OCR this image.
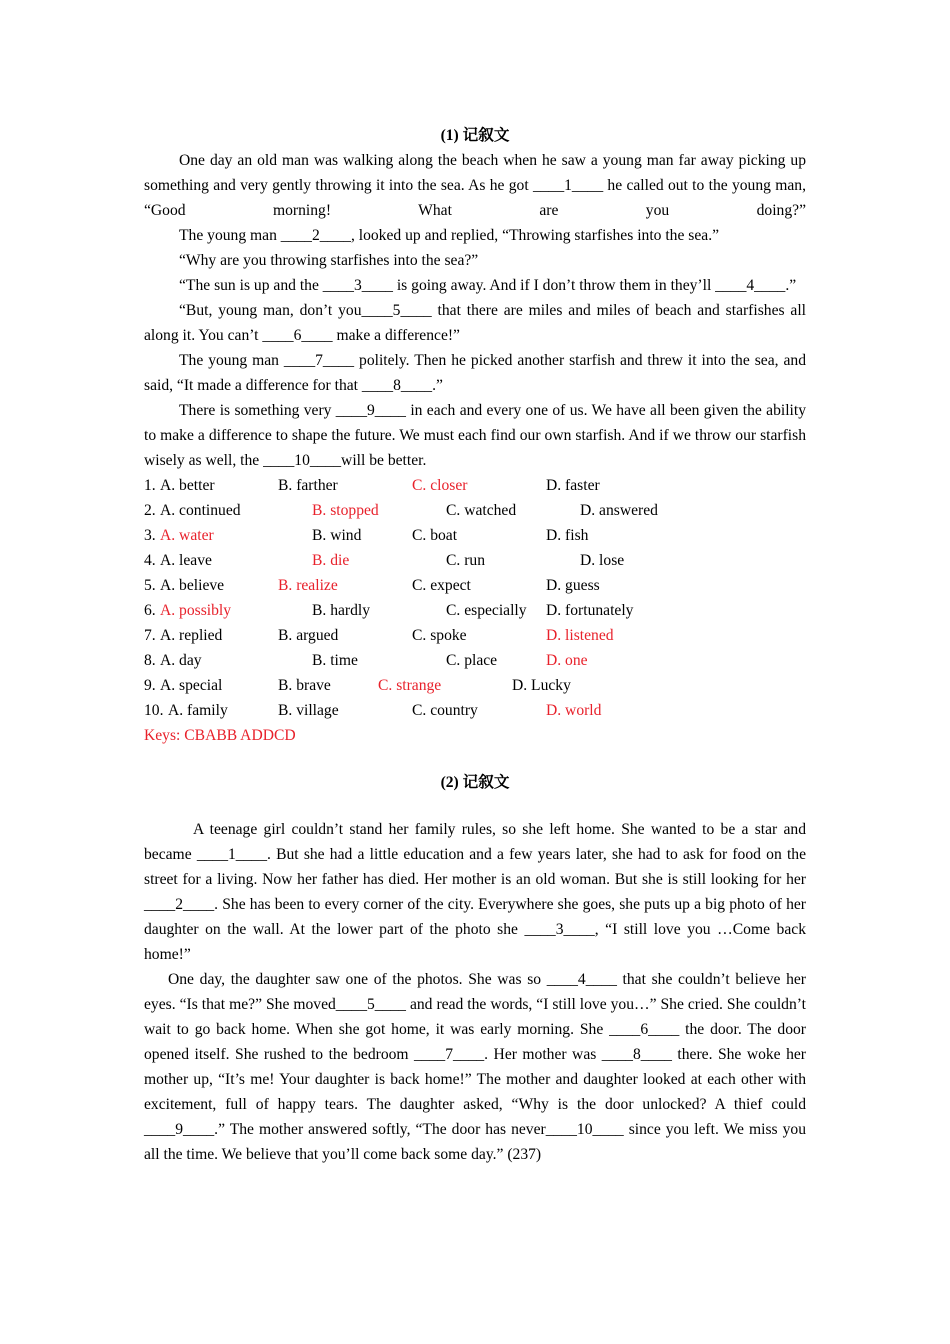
(1) 记叙文

One day an old man was walking along the beach when he saw a young man far away picking up something and very gently throwing it into the sea. As he got ____1____ he called out to the young man, “Good morning! What are you doing?”

The young man ____2____, looked up and replied, “Throwing starfishes into the sea.”

“Why are you throwing starfishes into the sea?”

“The sun is up and the ____3____ is going away. And if I don’t throw them in they’ll ____4____.”

“But, young man, don’t you____5____ that there are miles and miles of beach and starfishes all along it. You can’t ____6____ make a difference!”

The young man ____7____ politely. Then he picked another starfish and threw it into the sea, and said, “It made a difference for that ____8____.”

There is something very ____9____ in each and every one of us. We have all been given the ability to make a difference to shape the future. We must each find our own starfish. And if we throw our starfish wisely as well, the ____10____will be better.

1. A. better	B. farther	C. closer	D. faster
2. A. continued	B. stopped	C. watched	D. answered
3. A. water	B. wind	C. boat	D. fish
4. A. leave	B. die	C. run	D. lose
5. A. believe	B. realize	C. expect	D. guess
6. A. possibly	B. hardly	C. especially D. fortunately
7. A. replied	B. argued	C. spoke	D. listened
8. A. day	B. time	C. place	D. one
9. A. special	B. brave	C. strange	D. Lucky
10. A. family	B. village	C. country	D. world
Keys: CBABB ADDCD
(2) 记叙文

A teenage girl couldn’t stand her family rules, so she left home. She wanted to be a star and became ____1____. But she had a little education and a few years later, she had to ask for food on the street for a living. Now her father has died. Her mother is an old woman. But she is still looking for her ____2____. She has been to every corner of the city. Everywhere she goes, she puts up a big photo of her daughter on the wall. At the lower part of the photo she ____3____, “I still love you …Come back home!”

One day, the daughter saw one of the photos. She was so ____4____ that she couldn’t believe her eyes. “Is that me?” She moved____5____ and read the words, “I still love you…” She cried. She couldn’t wait to go back home. When she got home, it was early morning. She ____6____ the door. The door opened itself. She rushed to the bedroom ____7____. Her mother was ____8____ there. She woke her mother up, “It’s me! Your daughter is back home!” The mother and daughter looked at each other with excitement, full of happy tears. The daughter asked, “Why is the door unlocked? A thief could ____9____.” The mother answered softly, “The door has never____10____ since you left. We miss you all the time. We believe that you’ll come back some day.” (237)
